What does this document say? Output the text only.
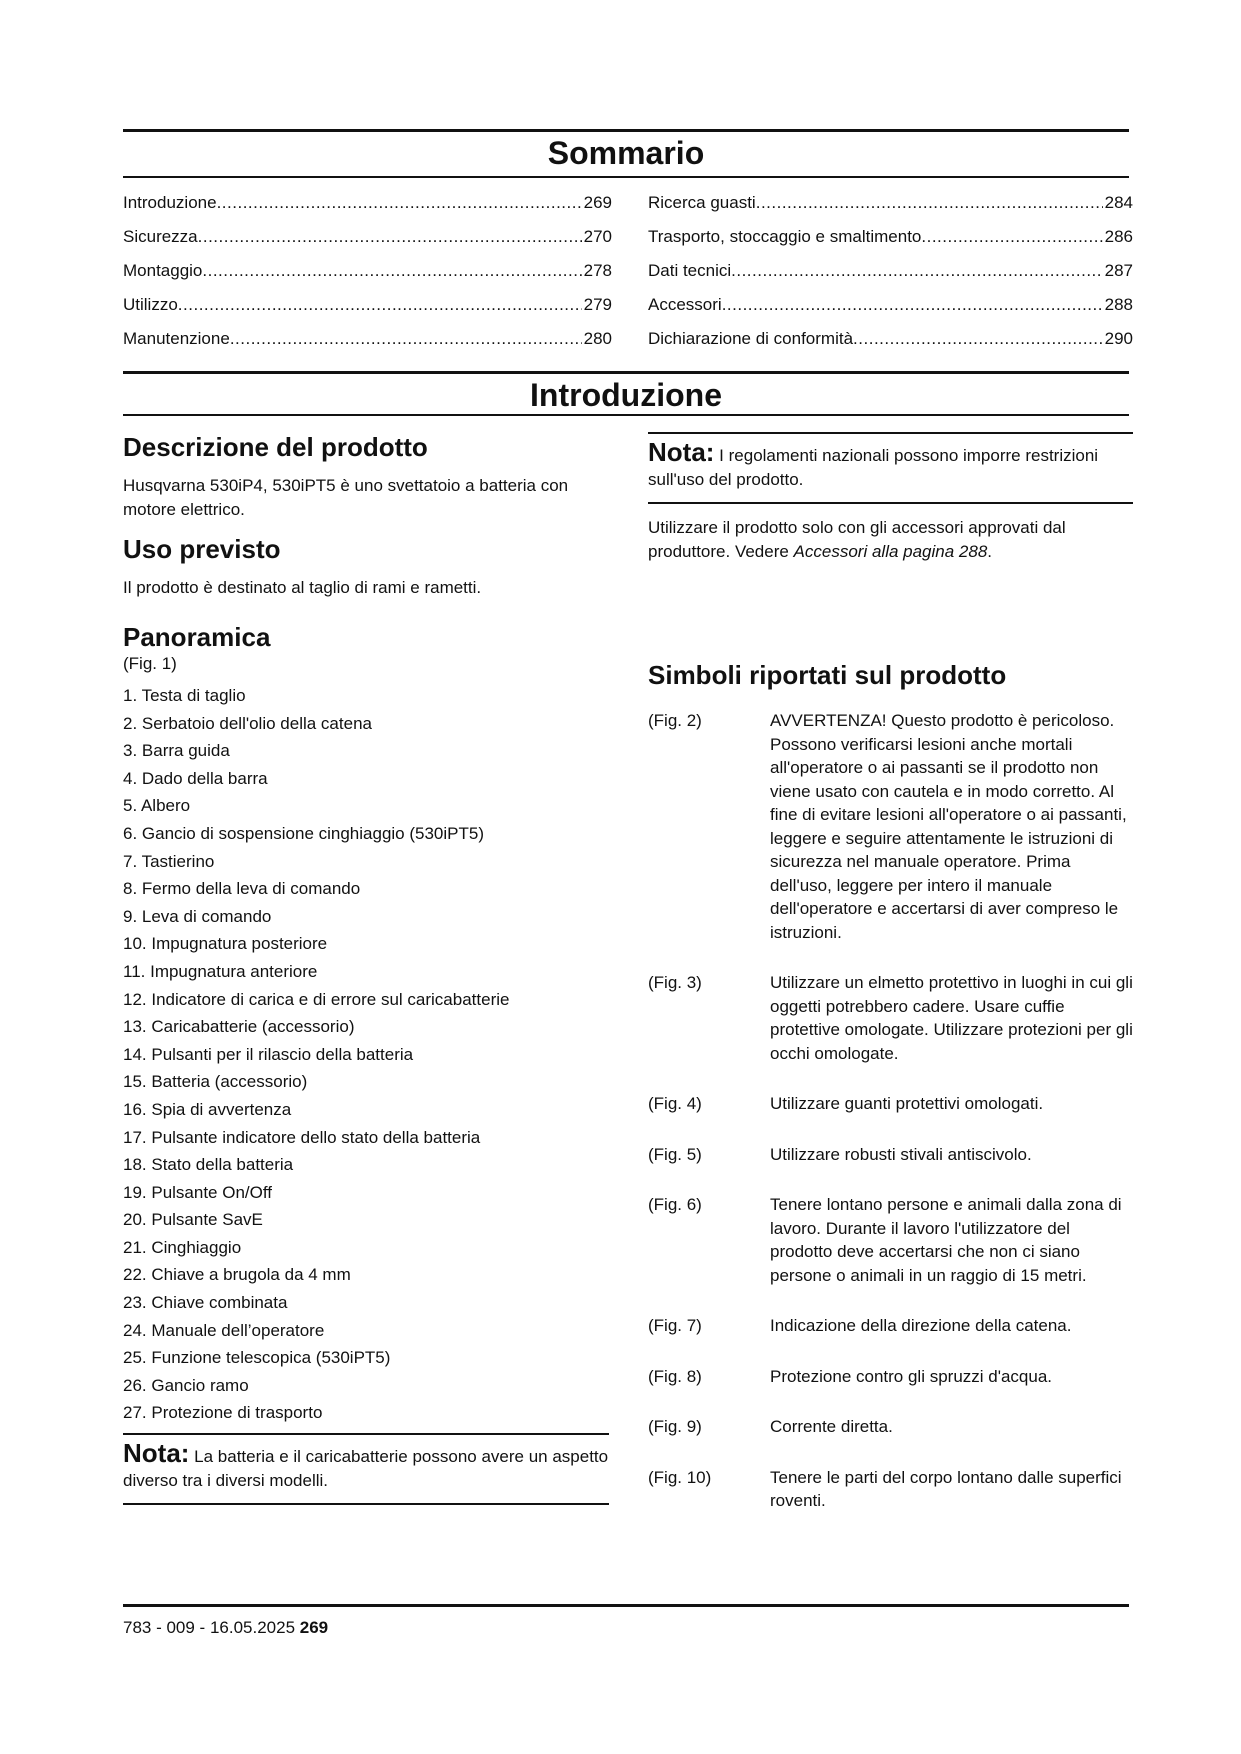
Sommario
Introduzione .....	269
Sicurezza .....	270
Montaggio .....	278
Utilizzo .....	279
Manutenzione .....	280
Ricerca guasti .....	284
Trasporto, stoccaggio e smaltimento .....	286
Dati tecnici .....	287
Accessori .....	288
Dichiarazione di conformità .....	290
Introduzione
Descrizione del prodotto

Husqvarna 530iP4, 530iPT5 è uno svettatoio a batteria con motore elettrico.

Uso previsto

Il prodotto è destinato al taglio di rami e rametti.

Panoramica

(Fig. 1)

1. Testa di taglio
2. Serbatoio dell'olio della catena
3. Barra guida
4. Dado della barra
5. Albero
6. Gancio di sospensione cinghiaggio (530iPT5)
7. Tastierino
8. Fermo della leva di comando
9. Leva di comando
10. Impugnatura posteriore
11. Impugnatura anteriore
12. Indicatore di carica e di errore sul caricabatterie
13. Caricabatterie (accessorio)
14. Pulsanti per il rilascio della batteria
15. Batteria (accessorio)
16. Spia di avvertenza
17. Pulsante indicatore dello stato della batteria
18. Stato della batteria
19. Pulsante On/Off
20. Pulsante SavE
21. Cinghiaggio
22. Chiave a brugola da 4 mm
23. Chiave combinata
24. Manuale dell’operatore
25. Funzione telescopica (530iPT5)
26. Gancio ramo
27. Protezione di trasporto

Nota: La batteria e il caricabatterie possono avere un aspetto diverso tra i diversi modelli.

Nota: I regolamenti nazionali possono imporre restrizioni sull'uso del prodotto.

Utilizzare il prodotto solo con gli accessori approvati dal produttore. Vedere Accessori alla pagina 288.

Simboli riportati sul prodotto
(Fig. 2)	AVVERTENZA! Questo prodotto è pericoloso. Possono verificarsi lesioni anche mortali all'operatore o ai passanti se il prodotto non viene usato con cautela e in modo corretto. Al fine di evitare lesioni all'operatore o ai passanti, leggere e seguire attentamente le istruzioni di sicurezza nel manuale operatore. Prima dell'uso, leggere per intero il manuale dell'operatore e accertarsi di aver compreso le istruzioni.
(Fig. 3)	Utilizzare un elmetto protettivo in luoghi in cui gli oggetti potrebbero cadere. Usare cuffie protettive omologate. Utilizzare protezioni per gli occhi omologate.
(Fig. 4)	Utilizzare guanti protettivi omologati.
(Fig. 5)	Utilizzare robusti stivali antiscivolo.
(Fig. 6)	Tenere lontano persone e animali dalla zona di lavoro. Durante il lavoro l'utilizzatore del prodotto deve accertarsi che non ci siano persone o animali in un raggio di 15 metri.
(Fig. 7)	Indicazione della direzione della catena.
(Fig. 8)	Protezione contro gli spruzzi d'acqua.
(Fig. 9)	Corrente diretta.
(Fig. 10)	Tenere le parti del corpo lontano dalle superfici roventi.
783 - 009 - 16.05.2025 269
